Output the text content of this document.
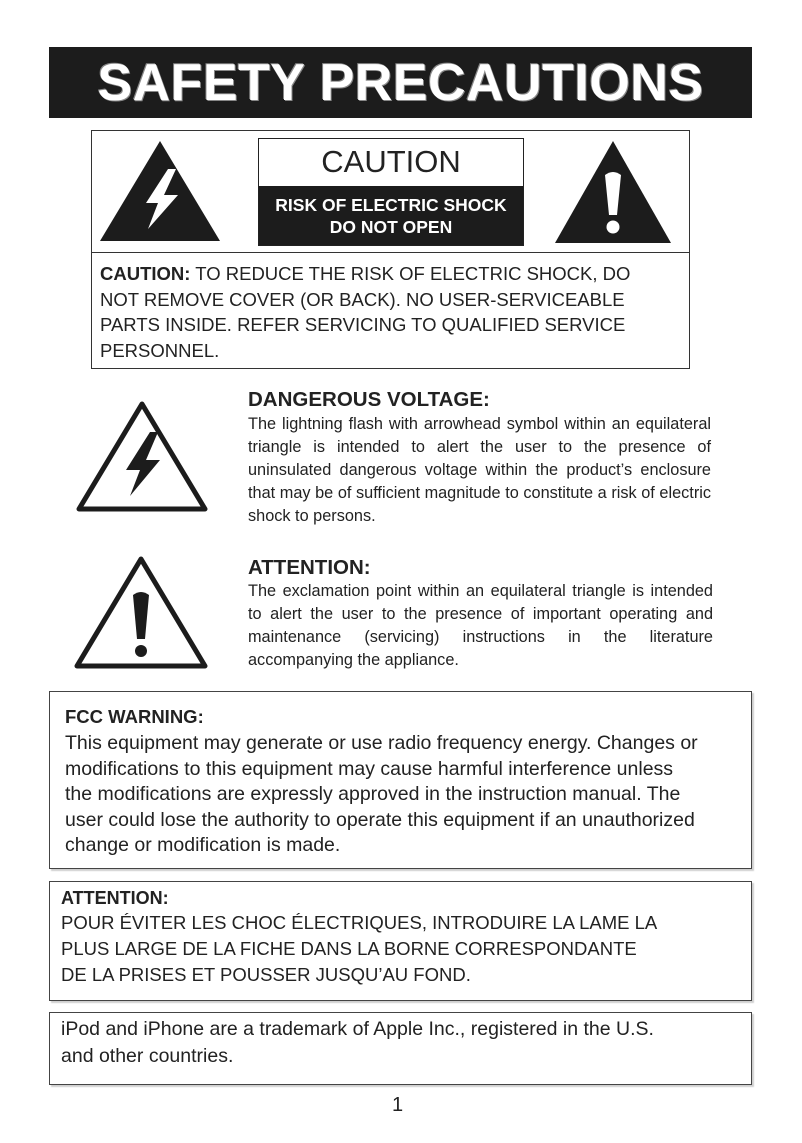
SAFETY PRECAUTIONS
CAUTION
RISK OF ELECTRIC SHOCK
DO NOT OPEN
CAUTION: TO REDUCE THE RISK OF ELECTRIC SHOCK, DO
NOT REMOVE COVER (OR BACK). NO USER-SERVICEABLE
PARTS INSIDE. REFER SERVICING TO QUALIFIED SERVICE
PERSONNEL.
DANGEROUS VOLTAGE:
The lightning flash with arrowhead symbol within an equilateral triangle is intended to alert the user to the presence of uninsulated dangerous voltage within the product’s enclosure that may be of sufficient magnitude to constitute a risk of electric shock to persons.
ATTENTION:
The exclamation point within an equilateral triangle is intended to alert the user to the presence of important operating and maintenance (servicing) instructions in the literature accompanying the appliance.
FCC WARNING:
This equipment may generate or use radio frequency energy. Changes or
modifications to this equipment may cause harmful interference unless
the modifications are expressly approved in the instruction manual. The
user could lose the authority to operate this equipment if an unauthorized
change or modification is made.
ATTENTION:
POUR ÉVITER LES CHOC ÉLECTRIQUES, INTRODUIRE LA LAME LA
PLUS LARGE DE LA FICHE DANS LA BORNE CORRESPONDANTE
DE LA PRISES ET POUSSER JUSQU’AU FOND.
iPod and iPhone are a trademark of Apple Inc., registered in the U.S.
and other countries.
1
